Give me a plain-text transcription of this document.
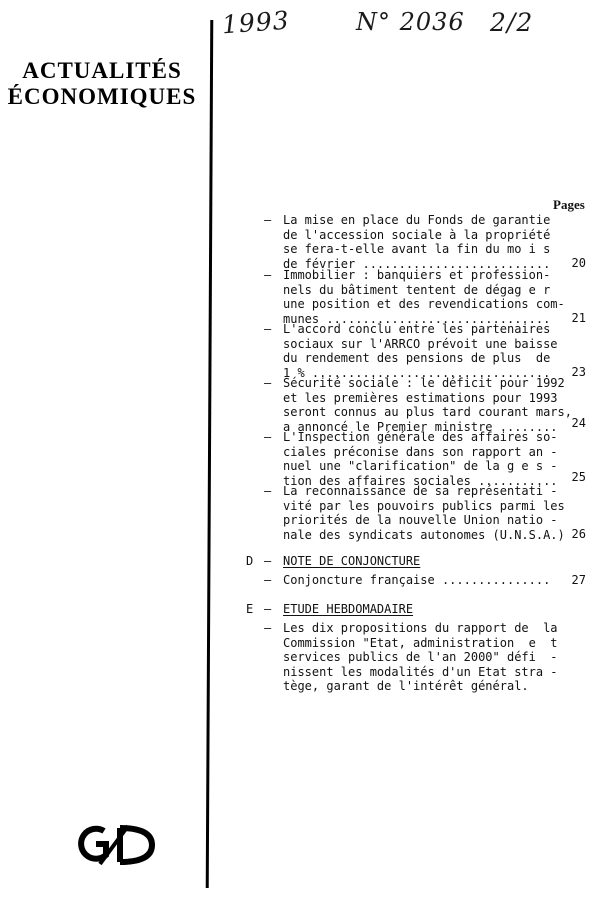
1993	N° 2036 2/2
ACTUALITÉS
ÉCONOMIQUES
Pages
– La mise en place du Fonds de garantie
de l'accession sociale à la propriété
se fera-t-elle avant la fin du mo i s
de février ..........................	20
– Immobilier : banquiers et profession-
nels du bâtiment tentent de dégag e r
une position et des revendications com-
munes ...............................	21
– L'accord conclu entre les partenaires
sociaux sur l'ARRCO prévoit une baisse
du rendement des pensions de plus  de
1 % .................................	23
– Sécurité sociale : le déficit pour 1992
et les premières estimations pour 1993
seront connus au plus tard courant mars,
a annoncé le Premier ministre ........	24
– L'Inspection générale des affaires so-
ciales préconise dans son rapport an -
nuel une "clarification" de la g e s -
tion des affaires sociales ...........	25
– La reconnaissance de sa représentati -
vité par les pouvoirs publics parmi les
priorités de la nouvelle Union natio -
nale des syndicats autonomes (U.N.S.A.) 26
D – NOTE DE CONJONCTURE
– Conjoncture française ...............	27
E – ETUDE HEBDOMADAIRE
– Les dix propositions du rapport de  la
Commission "Etat, administration  e  t
services publics de l'an 2000" défi  -
nissent les modalités d'un Etat stra -
tège, garant de l'intérêt général.
